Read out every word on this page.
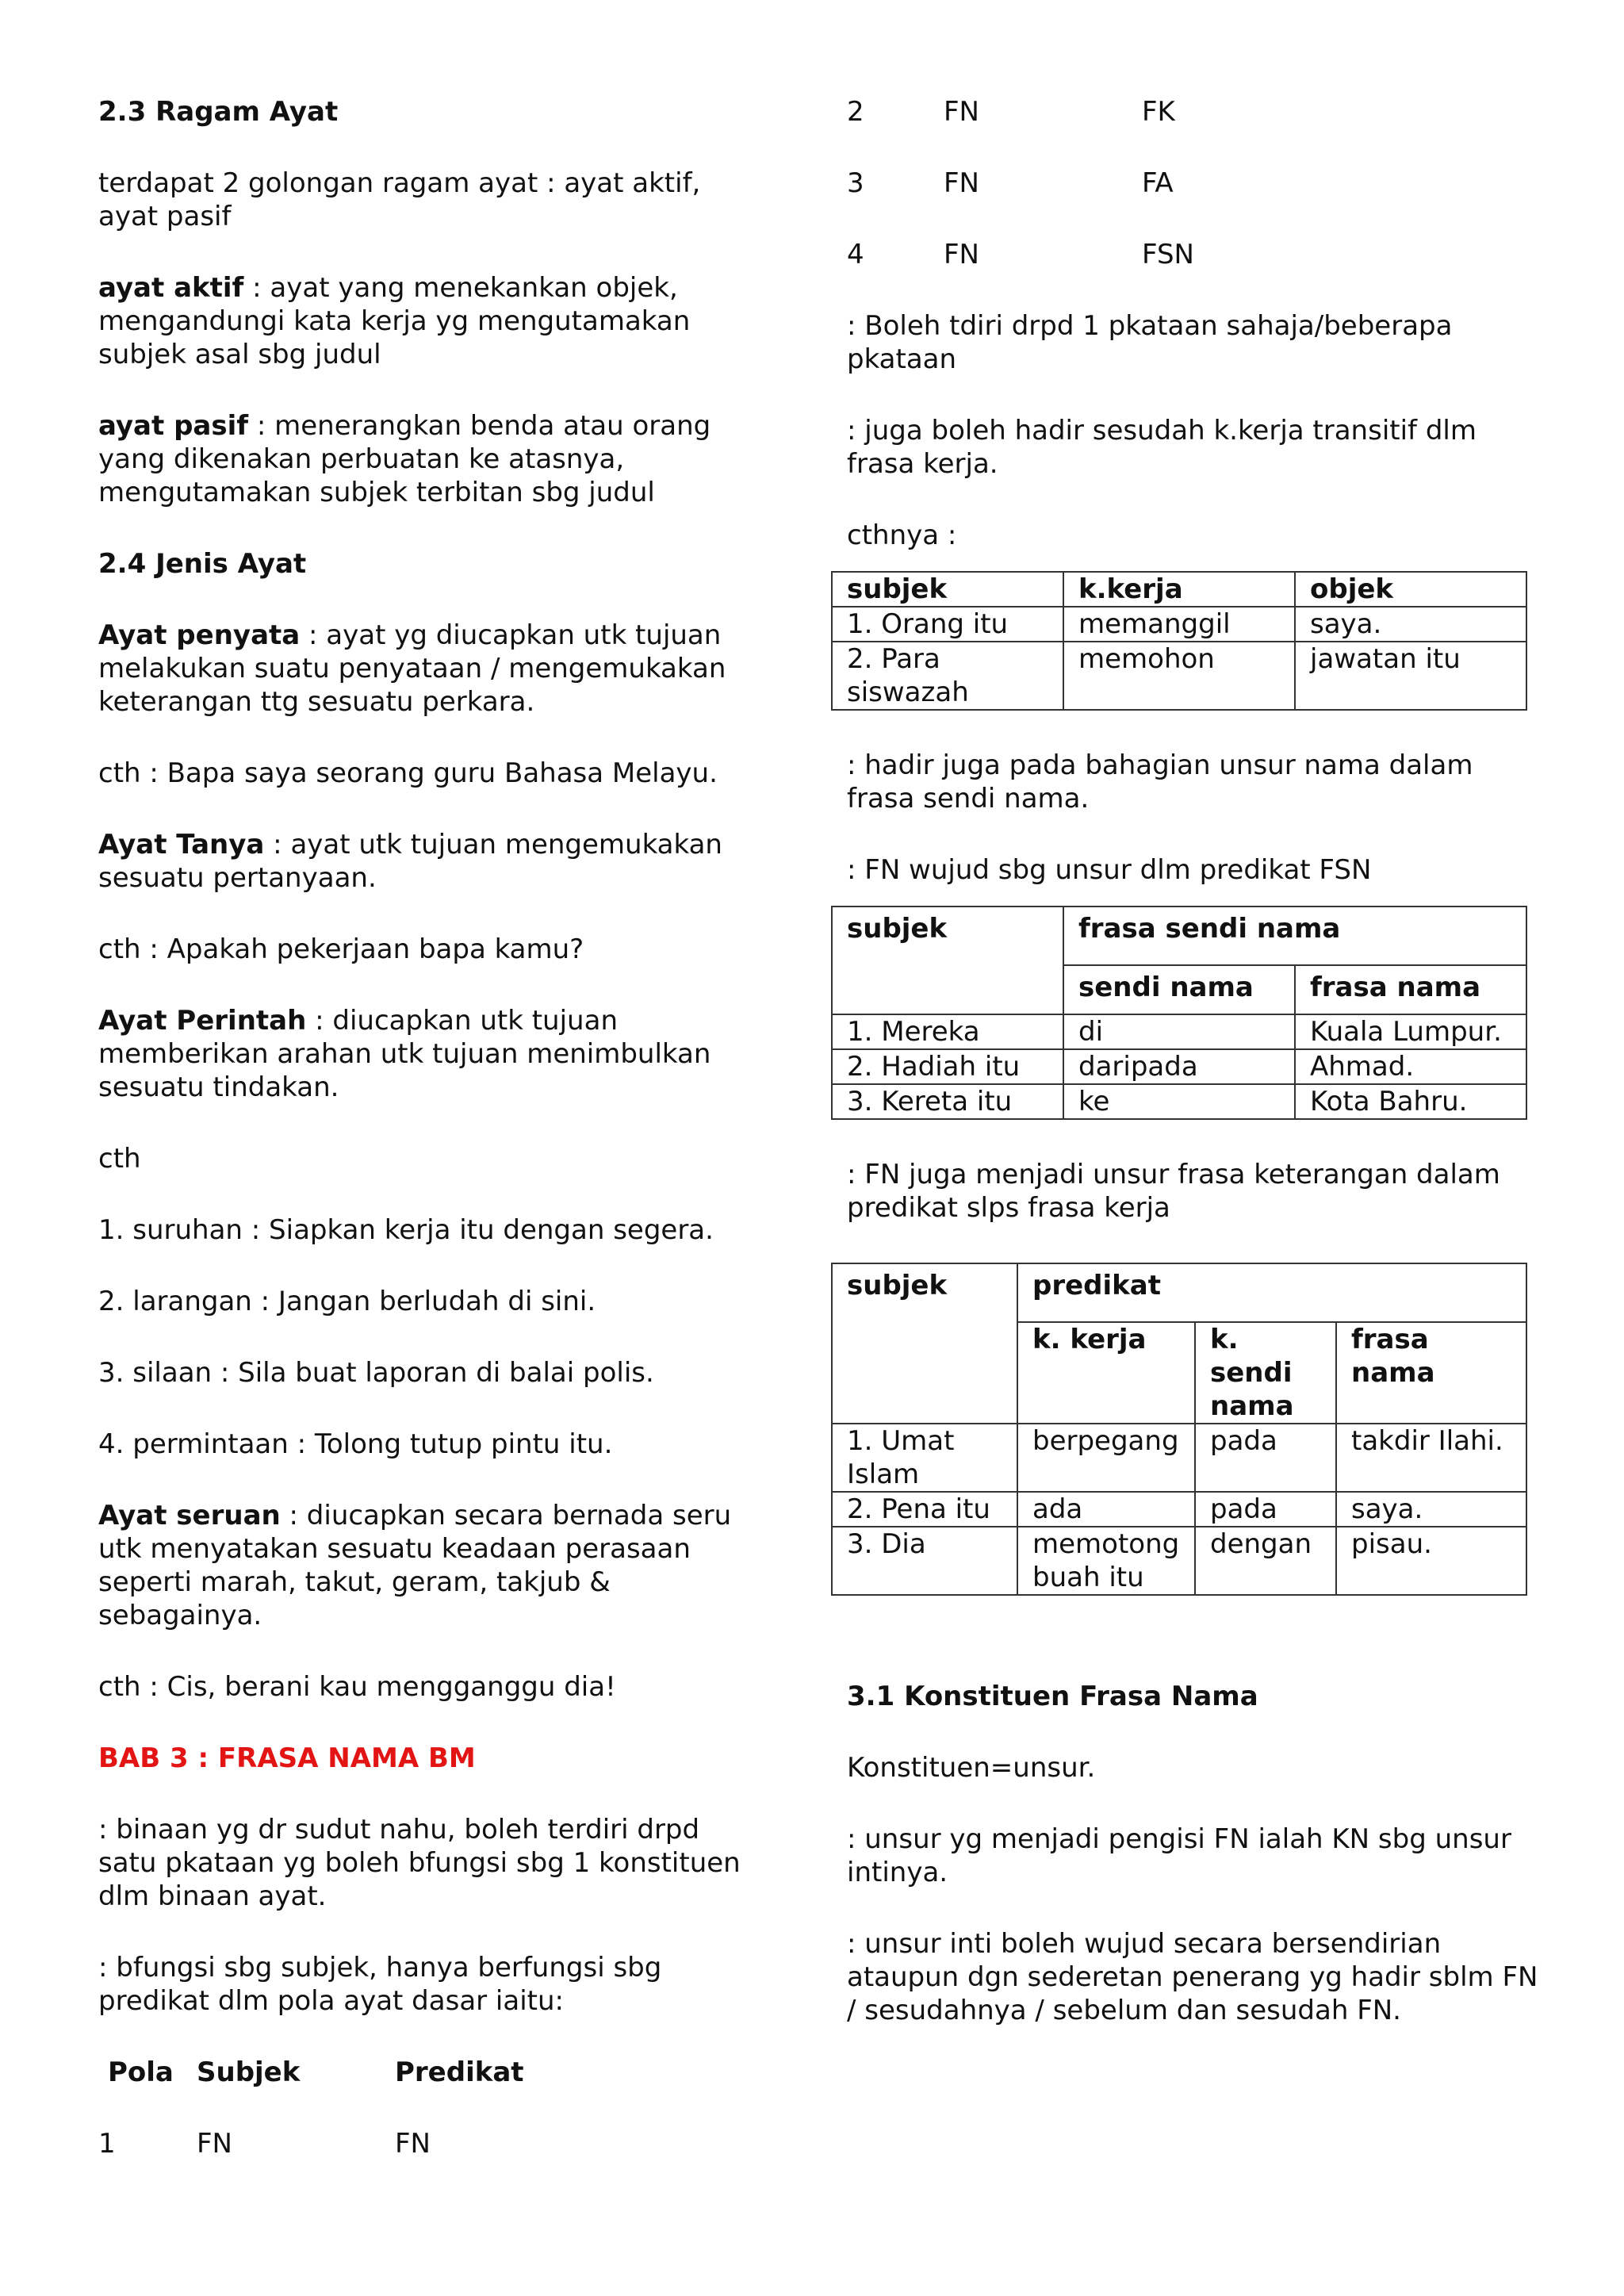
2.3 Ragam Ayat

terdapat 2 golongan ragam ayat : ayat aktif, ayat pasif

ayat aktif : ayat yang menekankan objek, mengandungi kata kerja yg mengutamakan subjek asal sbg judul

ayat pasif : menerangkan benda atau orang yang dikenakan perbuatan ke atasnya, mengutamakan subjek terbitan sbg judul

2.4 Jenis Ayat

Ayat penyata : ayat yg diucapkan utk tujuan melakukan suatu penyataan / mengemukakan keterangan ttg sesuatu perkara.

cth : Bapa saya seorang guru Bahasa Melayu.

Ayat Tanya : ayat utk tujuan mengemukakan sesuatu pertanyaan.

cth : Apakah pekerjaan bapa kamu?

Ayat Perintah : diucapkan utk tujuan memberikan arahan utk tujuan menimbulkan sesuatu tindakan.

cth

1. suruhan : Siapkan kerja itu dengan segera.

2. larangan : Jangan berludah di sini.

3. silaan : Sila buat laporan di balai polis.

4. permintaan : Tolong tutup pintu itu.

Ayat seruan : diucapkan secara bernada seru utk menyatakan sesuatu keadaan perasaan seperti marah, takut, geram, takjub & sebagainya.

cth : Cis, berani kau mengganggu dia!

BAB 3 : FRASA NAMA BM

: binaan yg dr sudut nahu, boleh terdiri drpd satu pkataan yg boleh bfungsi sbg 1 konstituen dlm binaan ayat.

: bfungsi sbg subjek, hanya berfungsi sbg predikat dlm pola ayat dasar iaitu:

Pola Subjek	Predikat
1	FN	FN
2	FN	FK
3	FN	FA
4	FN	FSN

: Boleh tdiri drpd 1 pkataan sahaja/beberapa pkataan

: juga boleh hadir sesudah k.kerja transitif dlm frasa kerja.

cthnya :

subjek	k.kerja	objek
1. Orang itu	memanggil	saya.
2. Para siswazah	memohon	jawatan itu

: hadir juga pada bahagian unsur nama dalam frasa sendi nama.

: FN wujud sbg unsur dlm predikat FSN

subjek	frasa sendi nama	
	sendi nama	frasa nama
1. Mereka	di	Kuala Lumpur.
2. Hadiah itu	daripada	Ahmad.
3. Kereta itu	ke	Kota Bahru.

: FN juga menjadi unsur frasa keterangan dalam predikat slps frasa kerja

subjek	predikat		
	k. kerja	k. sendi nama	frasa nama
1. Umat Islam	berpegang	pada	takdir Ilahi.
2. Pena itu	ada	pada	saya.
3. Dia	memotong buah itu	dengan	pisau.

3.1 Konstituen Frasa Nama

Konstituen=unsur.

: unsur yg menjadi pengisi FN ialah KN sbg unsur intinya.

: unsur inti boleh wujud secara bersendirian ataupun dgn sederetan penerang yg hadir sblm FN / sesudahnya / sebelum dan sesudah FN.
